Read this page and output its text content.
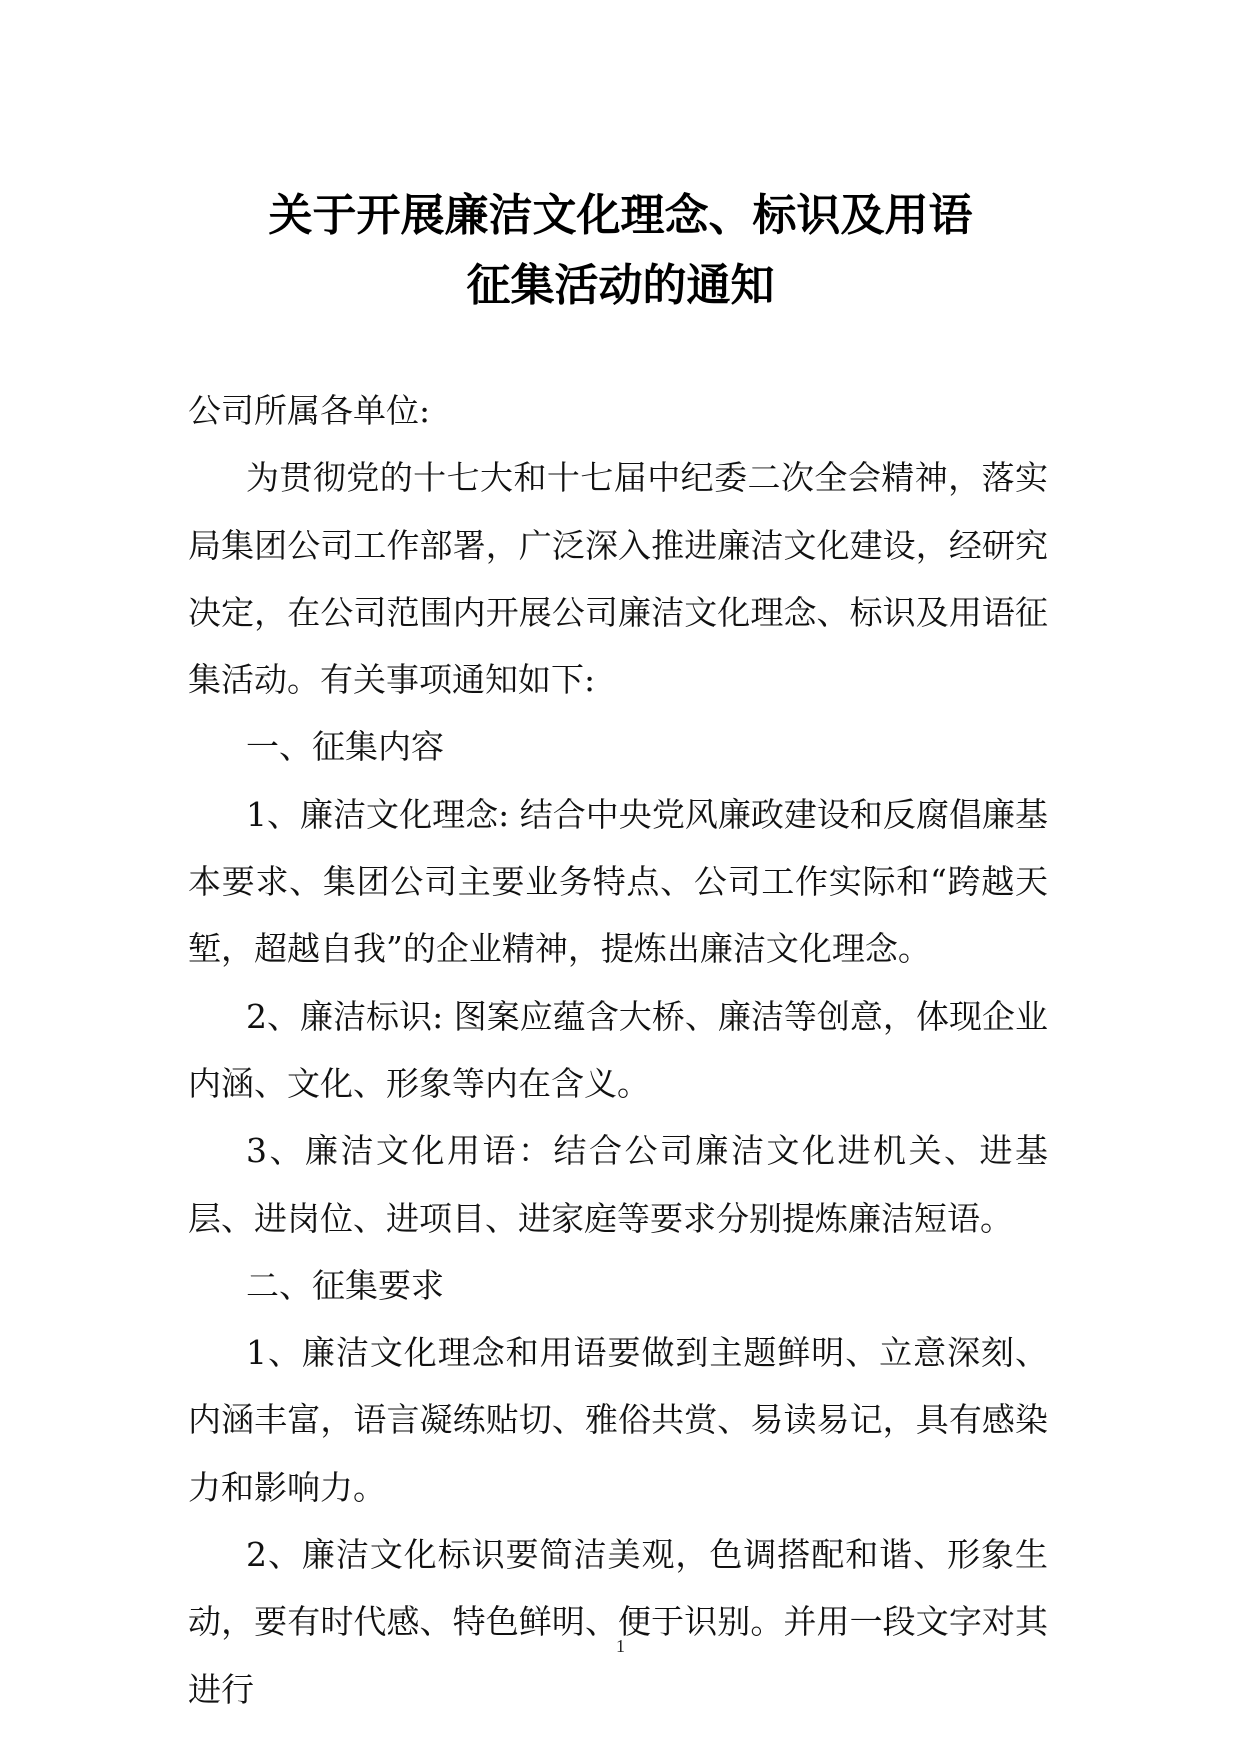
关于开展廉洁文化理念、标识及用语
征集活动的通知

公司所属各单位:

为贯彻党的十七大和十七届中纪委二次全会精神，落实局集团公司工作部署，广泛深入推进廉洁文化建设，经研究决定，在公司范围内开展公司廉洁文化理念、标识及用语征集活动。有关事项通知如下:

一、征集内容

1、廉洁文化理念: 结合中央党风廉政建设和反腐倡廉基本要求、集团公司主要业务特点、公司工作实际和“跨越天堑，超越自我”的企业精神，提炼出廉洁文化理念。

2、廉洁标识: 图案应蕴含大桥、廉洁等创意，体现企业内涵、文化、形象等内在含义。

3、廉洁文化用语：结合公司廉洁文化进机关、进基层、进岗位、进项目、进家庭等要求分别提炼廉洁短语。

二、征集要求

1、廉洁文化理念和用语要做到主题鲜明、立意深刻、内涵丰富，语言凝练贴切、雅俗共赏、易读易记，具有感染力和影响力。

2、廉洁文化标识要简洁美观，色调搭配和谐、形象生动，要有时代感、特色鲜明、便于识别。并用一段文字对其进行

1
